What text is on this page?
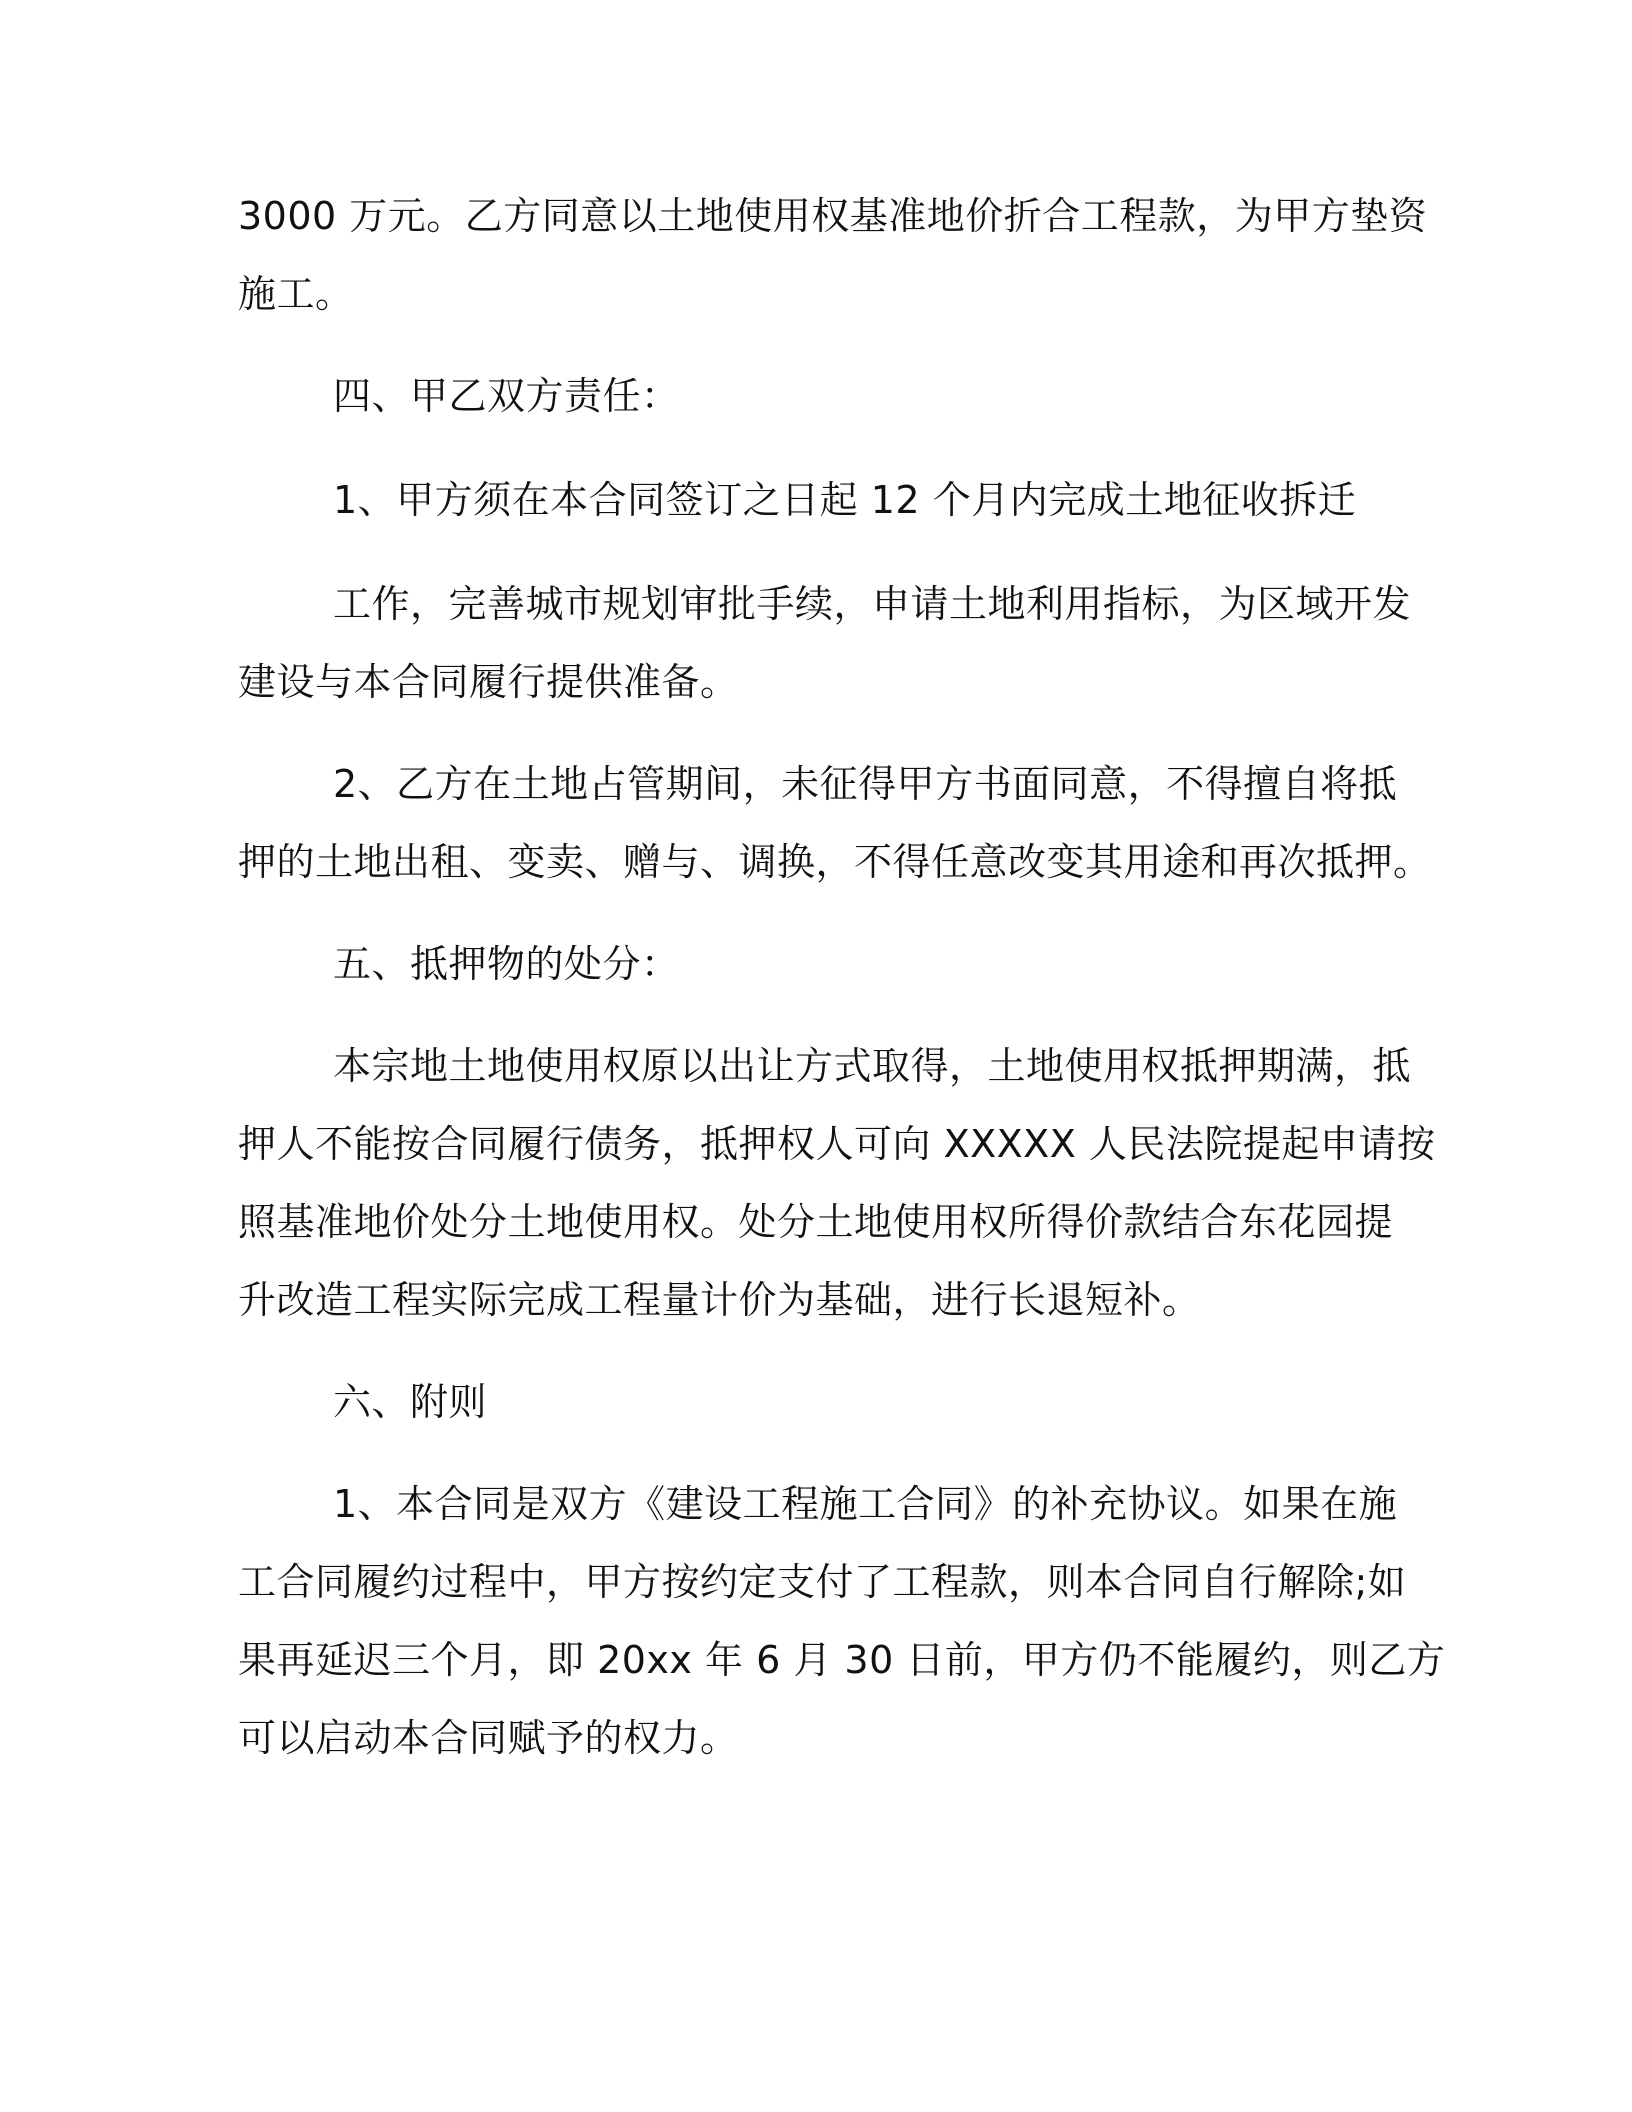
3000 万元。乙方同意以土地使用权基准地价折合工程款，为甲方垫资
施工。
四、甲乙双方责任：
1、甲方须在本合同签订之日起 12 个月内完成土地征收拆迁
工作，完善城市规划审批手续，申请土地利用指标，为区域开发
建设与本合同履行提供准备。
2、乙方在土地占管期间，未征得甲方书面同意，不得擅自将抵
押的土地出租、变卖、赠与、调换，不得任意改变其用途和再次抵押。
五、抵押物的处分：
本宗地土地使用权原以出让方式取得，土地使用权抵押期满，抵
押人不能按合同履行债务，抵押权人可向 XXXXX 人民法院提起申请按
照基准地价处分土地使用权。处分土地使用权所得价款结合东花园提
升改造工程实际完成工程量计价为基础，进行长退短补。
六、附则
1、本合同是双方《建设工程施工合同》的补充协议。如果在施
工合同履约过程中，甲方按约定支付了工程款，则本合同自行解除;如
果再延迟三个月，即 20xx 年 6 月 30 日前，甲方仍不能履约，则乙方
可以启动本合同赋予的权力。
